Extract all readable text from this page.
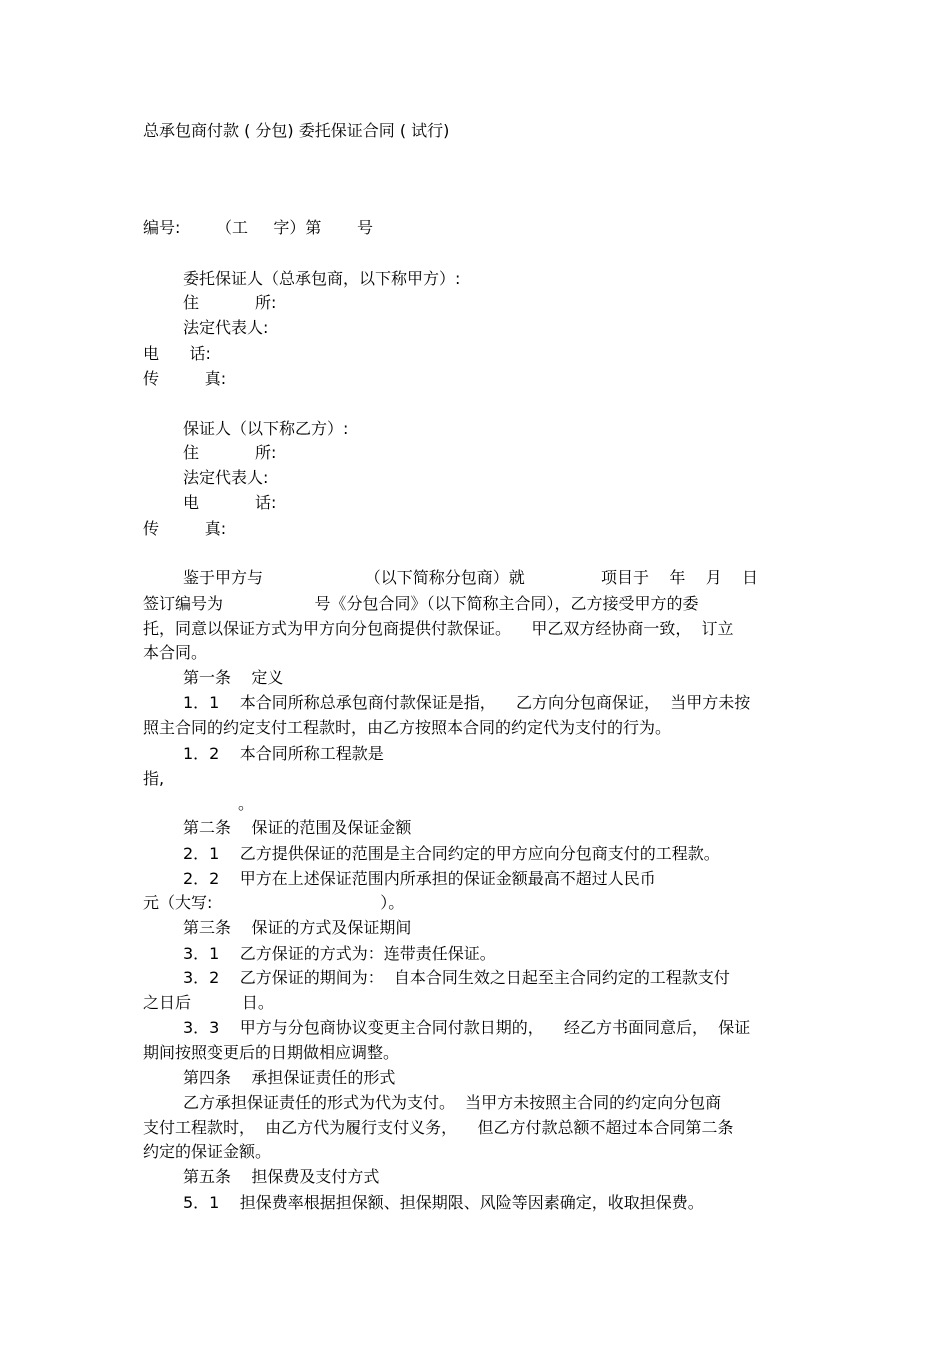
总承包商付款 ( 分包) 委托保证合同 ( 试行)

编号:       （工     字）第       号

委托保证人（总承包商，以下称甲方）:

住           所:

法定代表人:

电      话:

传         真:

保证人（以下称乙方）:

住           所:

法定代表人:

电           话:

传         真:

鉴于甲方与                    （以下简称分包商）就               项目于    年    月    日

签订编号为                  号《分包合同》（以下简称主合同），乙方接受甲方的委

托，同意以保证方式为甲方向分包商提供付款保证。    甲乙双方经协商一致，  订立

本合同。

第一条    定义

1．1    本合同所称总承包商付款保证是指，    乙方向分包商保证，  当甲方未按

照主合同的约定支付工程款时，由乙方按照本合同的约定代为支付的行为。

1．2    本合同所称工程款是

指,

。

第二条    保证的范围及保证金额

2．1    乙方提供保证的范围是主合同约定的甲方应向分包商支付的工程款。

2．2    甲方在上述保证范围内所承担的保证金额最高不超过人民币

元（大写:                                 ）。

第三条    保证的方式及保证期间

3．1    乙方保证的方式为：连带责任保证。

3．2    乙方保证的期间为：  自本合同生效之日起至主合同约定的工程款支付

之日后          日。

3．3    甲方与分包商协议变更主合同付款日期的，    经乙方书面同意后，  保证

期间按照变更后的日期做相应调整。

第四条    承担保证责任的形式

乙方承担保证责任的形式为代为支付。  当甲方未按照主合同的约定向分包商

支付工程款时，  由乙方代为履行支付义务，    但乙方付款总额不超过本合同第二条

约定的保证金额。

第五条    担保费及支付方式

5．1    担保费率根据担保额、担保期限、风险等因素确定，收取担保费。
